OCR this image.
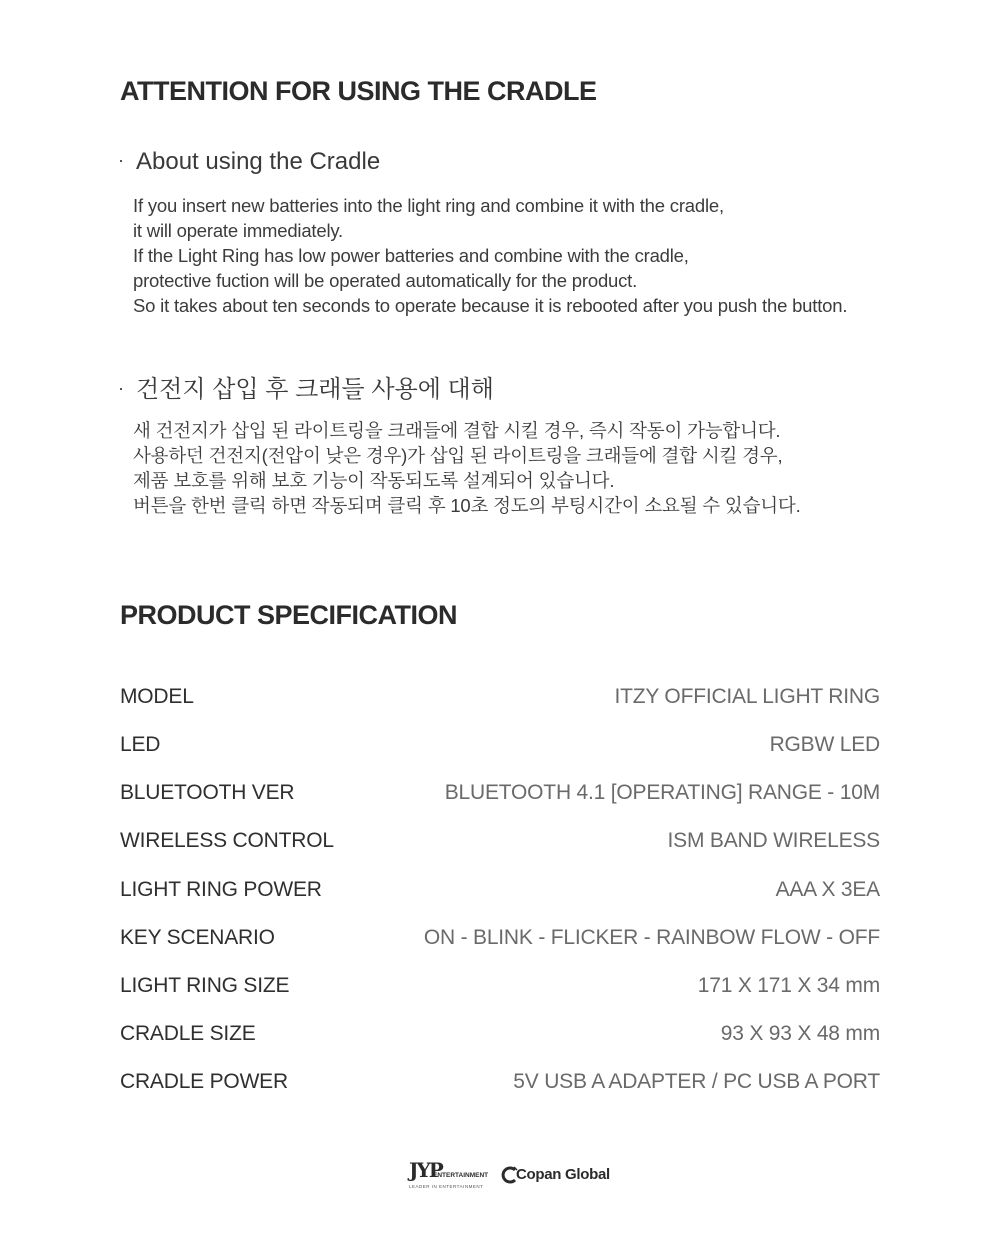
ATTENTION FOR USING THE CRADLE
· About using the Cradle
If you insert new batteries into the light ring and combine it with the cradle,
it will operate immediately.
If the Light Ring has low power batteries and combine with the cradle,
protective fuction will be operated automatically for the product.
So it takes about ten seconds to operate because it is rebooted after you push the button.
· 건전지 삽입 후 크래들 사용에 대해
새 건전지가 삽입 된 라이트링을 크래들에 결합 시킬 경우, 즉시 작동이 가능합니다.
사용하던 건전지(전압이 낮은 경우)가 삽입 된 라이트링을 크래들에 결합 시킬 경우,
제품 보호를 위해 보호 기능이 작동되도록 설계되어 있습니다.
버튼을 한번 클릭 하면 작동되며 클릭 후 10초 정도의 부팅시간이 소요될 수 있습니다.
PRODUCT SPECIFICATION
MODEL	ITZY OFFICIAL LIGHT RING
LED	RGBW LED
BLUETOOTH VER	BLUETOOTH 4.1 [OPERATING] RANGE - 10M
WIRELESS CONTROL	ISM BAND WIRELESS
LIGHT RING POWER	AAA X 3EA
KEY SCENARIO	ON - BLINK - FLICKER - RAINBOW FLOW - OFF
LIGHT RING SIZE	171 X 171 X 34 mm
CRADLE SIZE	93 X 93 X 48 mm
CRADLE POWER	5V USB A ADAPTER / PC USB A PORT
JYP
ENTERTAINMENT
LEADER IN ENTERTAINMENT
Copan Global
